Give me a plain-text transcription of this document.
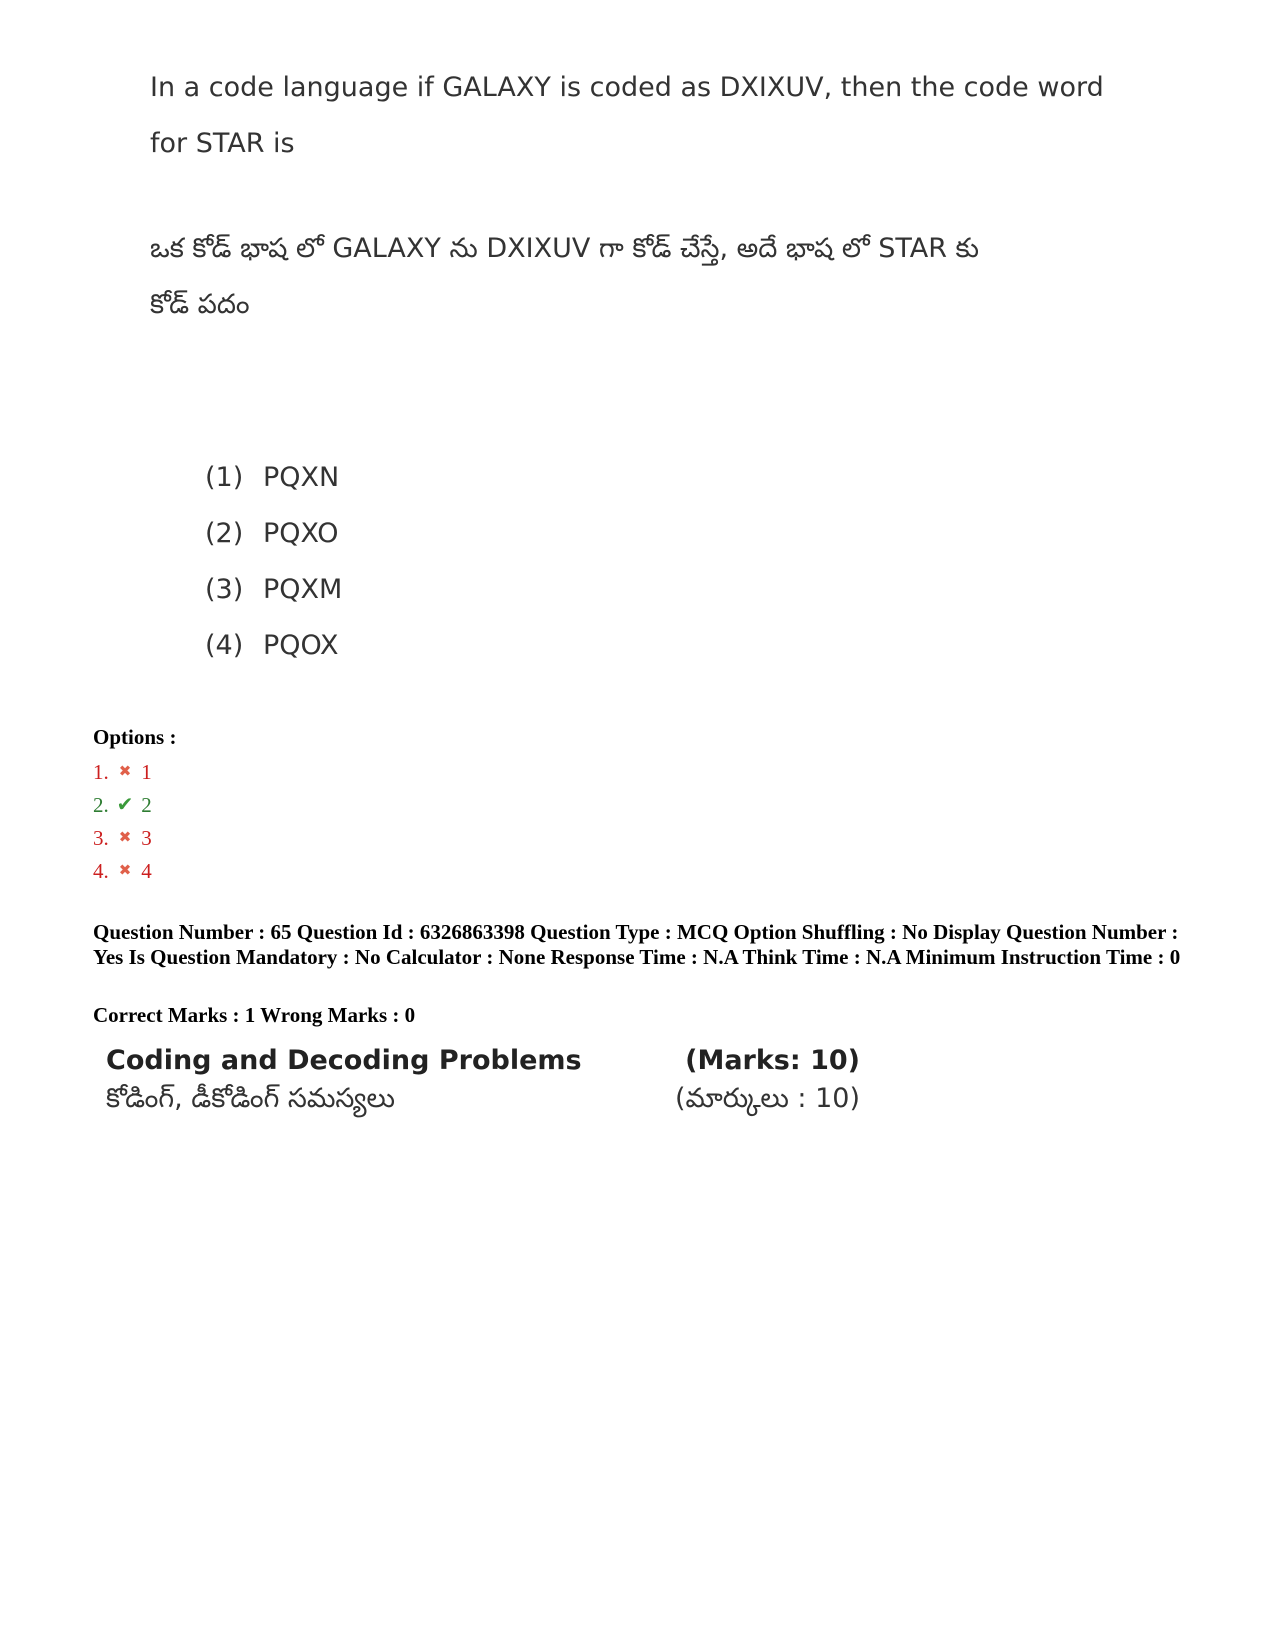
In a code language if GALAXY is coded as DXIXUV, then the code word
for STAR is
ఒక కోడ్ భాష లో GALAXY ను DXIXUV గా కోడ్ చేస్తే, అదే భాష లో STAR కు
కోడ్ పదం
(1) PQXN
(2) PQXO
(3) PQXM
(4) PQOX
Options :
1. ✖ 1
2. ✔ 2
3. ✖ 3
4. ✖ 4
Question Number : 65 Question Id : 6326863398 Question Type : MCQ Option Shuffling : No Display Question Number : Yes Is Question Mandatory : No Calculator : None Response Time : N.A Think Time : N.A Minimum Instruction Time : 0
Correct Marks : 1 Wrong Marks : 0
Coding and Decoding Problems	(Marks: 10)
కోడింగ్, డీకోడింగ్ సమస్యలు	(మార్కులు : 10)
